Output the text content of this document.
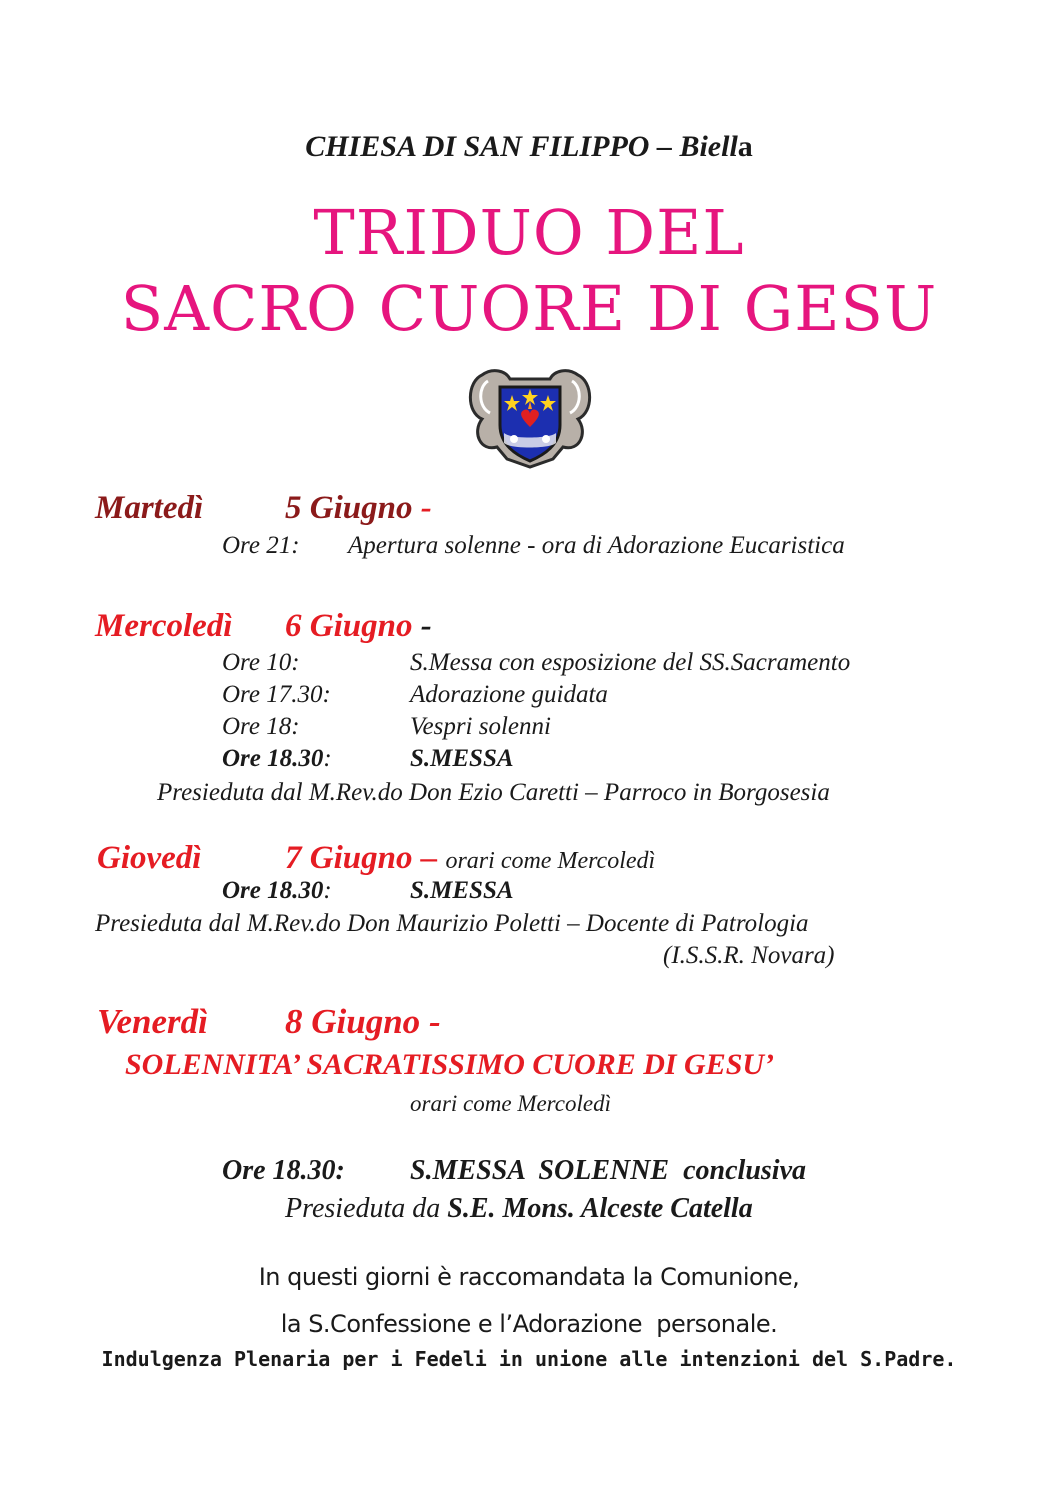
CHIESA DI SAN FILIPPO – Biella
TRIDUO DEL
SACRO CUORE DI GESU
Martedì 5 Giugno -
Ore 21: Apertura solenne - ora di Adorazione Eucaristica
Mercoledì 6 Giugno -
Ore 10:	S.Messa con esposizione del SS.Sacramento
Ore 17.30:	Adorazione guidata
Ore 18:	Vespri solenni
Ore 18.30:	S.MESSA
Presieduta dal M.Rev.do Don Ezio Caretti – Parroco in Borgosesia
Giovedì	7 Giugno – orari come Mercoledì
Ore 18.30:	S.MESSA
Presieduta dal M.Rev.do Don Maurizio Poletti – Docente di Patrologia
(I.S.S.R. Novara)
Venerdì 8 Giugno -
SOLENNITA’ SACRATISSIMO CUORE DI GESU’
orari come Mercoledì
Ore 18.30: S.MESSA  SOLENNE  conclusiva
Presieduta da S.E. Mons. Alceste Catella
In questi giorni è raccomandata la Comunione,
la S.Confessione e l’Adorazione  personale.
Indulgenza Plenaria per i Fedeli in unione alle intenzioni del S.Padre.
